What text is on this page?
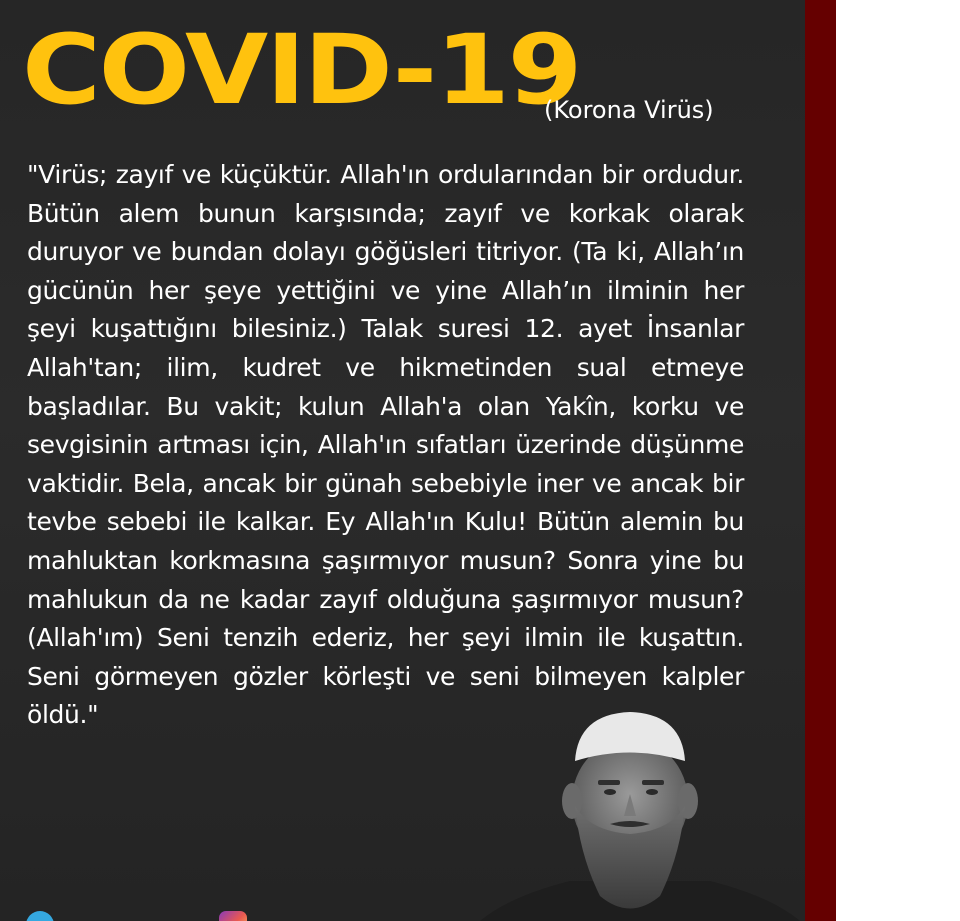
COVID-19
(Korona Virüs)
"Virüs; zayıf ve küçüktür. Allah'ın ordularından bir ordudur. Bütün alem bunun karşısında; zayıf ve korkak olarak duruyor ve bundan dolayı göğüsleri titriyor. (Ta ki, Allah’ın gücünün her şeye yettiğini ve yine Allah’ın ilminin her şeyi kuşattığını bilesiniz.) Talak suresi 12. ayet İnsanlar Allah'tan; ilim, kudret ve hikmetinden sual etmeye başladılar. Bu vakit; kulun Allah'a olan Yakîn, korku ve sevgisinin artması için, Allah'ın sıfatları üzerinde düşünme vaktidir. Bela, ancak bir günah sebebiyle iner ve ancak bir tevbe sebebi ile kalkar. Ey Allah'ın Kulu! Bütün alemin bu mahluktan korkmasına şaşırmıyor musun? Sonra yine bu mahlukun da ne kadar zayıf olduğuna şaşırmıyor musun? (Allah'ım) Seni tenzih ederiz, her şeyi ilmin ile kuşattın. Seni görmeyen gözler körleşti ve seni bilmeyen kalpler öldü."
